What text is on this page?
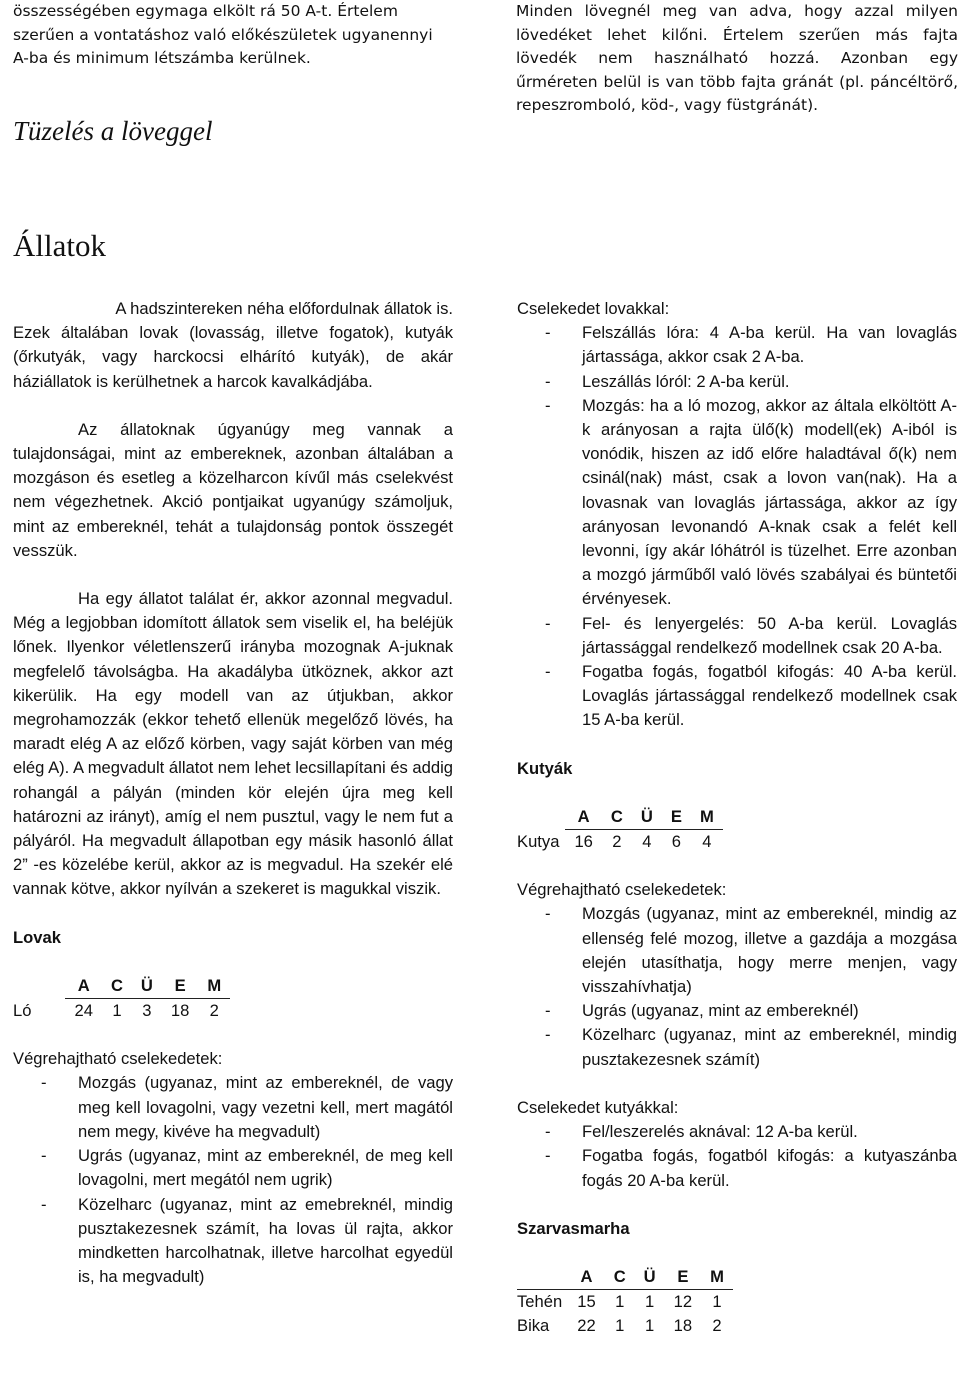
összességében egymaga elkölt rá 50 A-t. Értelem
szerűen a vontatáshoz való előkészületek ugyanennyi
A-ba és minimum létszámba kerülnek.
Tüzelés a löveggel
Minden lövegnél meg van adva, hogy azzal milyen lövedéket lehet kilőni. Értelem szerűen más fajta lövedék nem használható hozzá. Azonban egy űrméreten belül is van több fajta gránát (pl. páncéltörő, repeszromboló, köd-, vagy füstgránát).
Állatok

A hadszintereken néha előfordulnak állatok is.

Ezek általában lovak (lovasság, illetve fogatok), kutyák (őrkutyák, vagy harckocsi elhárító kutyák), de akár háziállatok is kerülhetnek a harcok kavalkádjába.

Az állatoknak úgyanúgy meg vannak a tulajdonságai, mint az embereknek, azonban általában a mozgáson és esetleg a közelharcon kívűl más cselekvést nem végezhetnek. Akció pontjaikat ugyanúgy számoljuk, mint az embereknél, tehát a tulajdonság pontok összegét vesszük.

Ha egy állatot találat ér, akkor azonnal megvadul. Még a legjobban idomított állatok sem viselik el, ha beléjük lőnek. Ilyenkor véletlenszerű irányba mozognak A-juknak megfelelő távolságba. Ha akadályba ütköznek, akkor azt kikerülik. Ha egy modell van az útjukban, akkor megrohamozzák (ekkor tehető ellenük megelőző lövés, ha maradt elég A az előző körben, vagy saját körben van még elég A). A megvadult állatot nem lehet lecsillapítani és addig rohangál a pályán (minden kör elején újra meg kell határozni az irányt), amíg el nem pusztul, vagy le nem fut a pályáról. Ha megvadult állapotban egy másik hasonló állat 2” -es közelébe kerül, akkor az is megvadul. Ha szekér elé vannak kötve, akkor nyílván a szekeret is magukkal viszik.

Lovak

	A	C	Ü	E	M
Ló	24	1	3	18	2

Végrehajtható cselekedetek:

- Mozgás (ugyanaz, mint az embereknél, de vagy meg kell lovagolni, vagy vezetni kell, mert magától nem megy, kivéve ha megvadult)
- Ugrás (ugyanaz, mint az embereknél, de meg kell lovagolni, mert megától nem ugrik)
- Közelharc (ugyanaz, mint az emebreknél, mindig pusztakezesnek számít, ha lovas ül rajta, akkor mindketten harcolhatnak, illetve harcolhat egyedül is, ha megvadult)

Cselekedet lovakkal:

- Felszállás lóra: 4 A-ba kerül. Ha van lovaglás jártassága, akkor csak 2 A-ba.
- Leszállás lóról: 2 A-ba kerül.
- Mozgás: ha a ló mozog, akkor az általa elköltött A-k arányosan a rajta ülő(k) modell(ek) A-iból is vonódik, hiszen az idő előre haladtával ő(k) nem csinál(nak) mást, csak a lovon van(nak). Ha a lovasnak van lovaglás jártassága, akkor az így arányosan levonandó A-knak csak a felét kell levonni, így akár lóhátról is tüzelhet. Erre azonban a mozgó járműből való lövés szabályai és büntetői érvényesek.
- Fel- és lenyergelés: 50 A-ba kerül. Lovaglás jártassággal rendelkező modellnek csak 20 A-ba.
- Fogatba fogás, fogatból kifogás: 40 A-ba kerül. Lovaglás jártassággal rendelkező modellnek csak 15 A-ba kerül.

Kutyák

	A	C	Ü	E	M
Kutya	16	2	4	6	4

Végrehajtható cselekedetek:

- Mozgás (ugyanaz, mint az embereknél, mindig az ellenség felé mozog, illetve a gazdája a mozgása elején utasíthatja, hogy merre menjen, vagy visszahívhatja)
- Ugrás (ugyanaz, mint az embereknél)
- Közelharc (ugyanaz, mint az embereknél, mindig pusztakezesnek számít)

Cselekedet kutyákkal:

- Fel/leszerelés aknával: 12 A-ba kerül.
- Fogatba fogás, fogatból kifogás: a kutyaszánba fogás 20 A-ba kerül.

Szarvasmarha

	A	C	Ü	E	M
Tehén	15	1	1	12	1
Bika	22	1	1	18	2
